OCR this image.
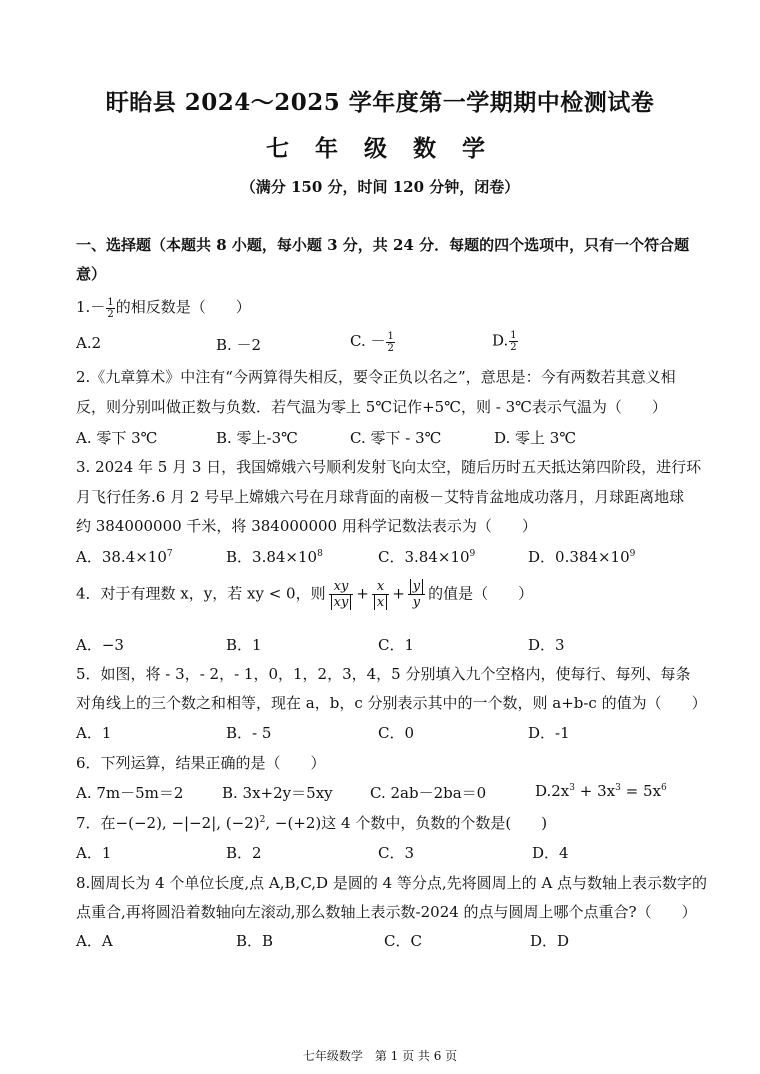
盱眙县 2024～2025 学年度第一学期期中检测试卷
七 年 级 数 学
（满分 150 分，时间 120 分钟，闭卷）
一、选择题（本题共 8 小题，每小题 3 分，共 24 分．每题的四个选项中，只有一个符合题
意）
$1.- \frac{1}{2}$ 的相反数是（　　）
A.2	B. －2	C. － $\frac{1}{2}$	D. $\frac{1}{2}$
2.《九章算术》中注有“今两算得失相反，要令正负以名之”，意思是：今有两数若其意义相
反，则分别叫做正数与负数．若气温为零上 5℃记作+5℃，则 - 3℃表示气温为（　　）
A. 零下 3℃	B. 零上-3℃	C. 零下 - 3℃	D. 零上 3℃
3. 2024 年 5 月 3 日，我国嫦娥六号顺利发射飞向太空，随后历时五天抵达第四阶段，进行环
月飞行任务.6 月 2 号早上嫦娥六号在月球背面的南极－艾特肯盆地成功落月，月球距离地球
约 384000000 千米，将 384000000 用科学记数法表示为（　　）
A．$38.4\times 10^7$	B．$3.84\times 10^8$	C．$3.84\times 10^9$	D．$0.384\times 10^9$
4．对于有理数 x，y，若 xy < 0，则 $\frac{xy}{xy} + \frac{x}{x} + \frac{y}{y}$ 的值是（　　）
A．−3	B．1	C．1	D．3
5．如图，将 - 3，- 2，- 1，0，1，2，3，4，5 分别填入九个空格内，使每行、每列、每条
对角线上的三个数之和相等，现在 a，b，c 分别表示其中的一个数，则 a+b-c 的值为（　　）
A．1	B．- 5	C．0	D．-1
6．下列运算，结果正确的是（　　）
A. 7m－5m＝2	B. 3x+2y＝5xy C. 2ab－2ba＝0	$D.2x^3 + 3x^3 = 5x^6$
7．在−(−2), −|−2|, $(-2)^2$, −(+2)这 4 个数中，负数的个数是(　　)
A．1	B．2	C．3	D．4
8.圆周长为 4 个单位长度,点 A,B,C,D 是圆的 4 等分点,先将圆周上的 A 点与数轴上表示数字的
点重合,再将圆沿着数轴向左滚动,那么数轴上表示数-2024 的点与圆周上哪个点重合?（　　）
A．A	B．B	C．C	D．D
七年级数学　第 1 页 共 6 页
